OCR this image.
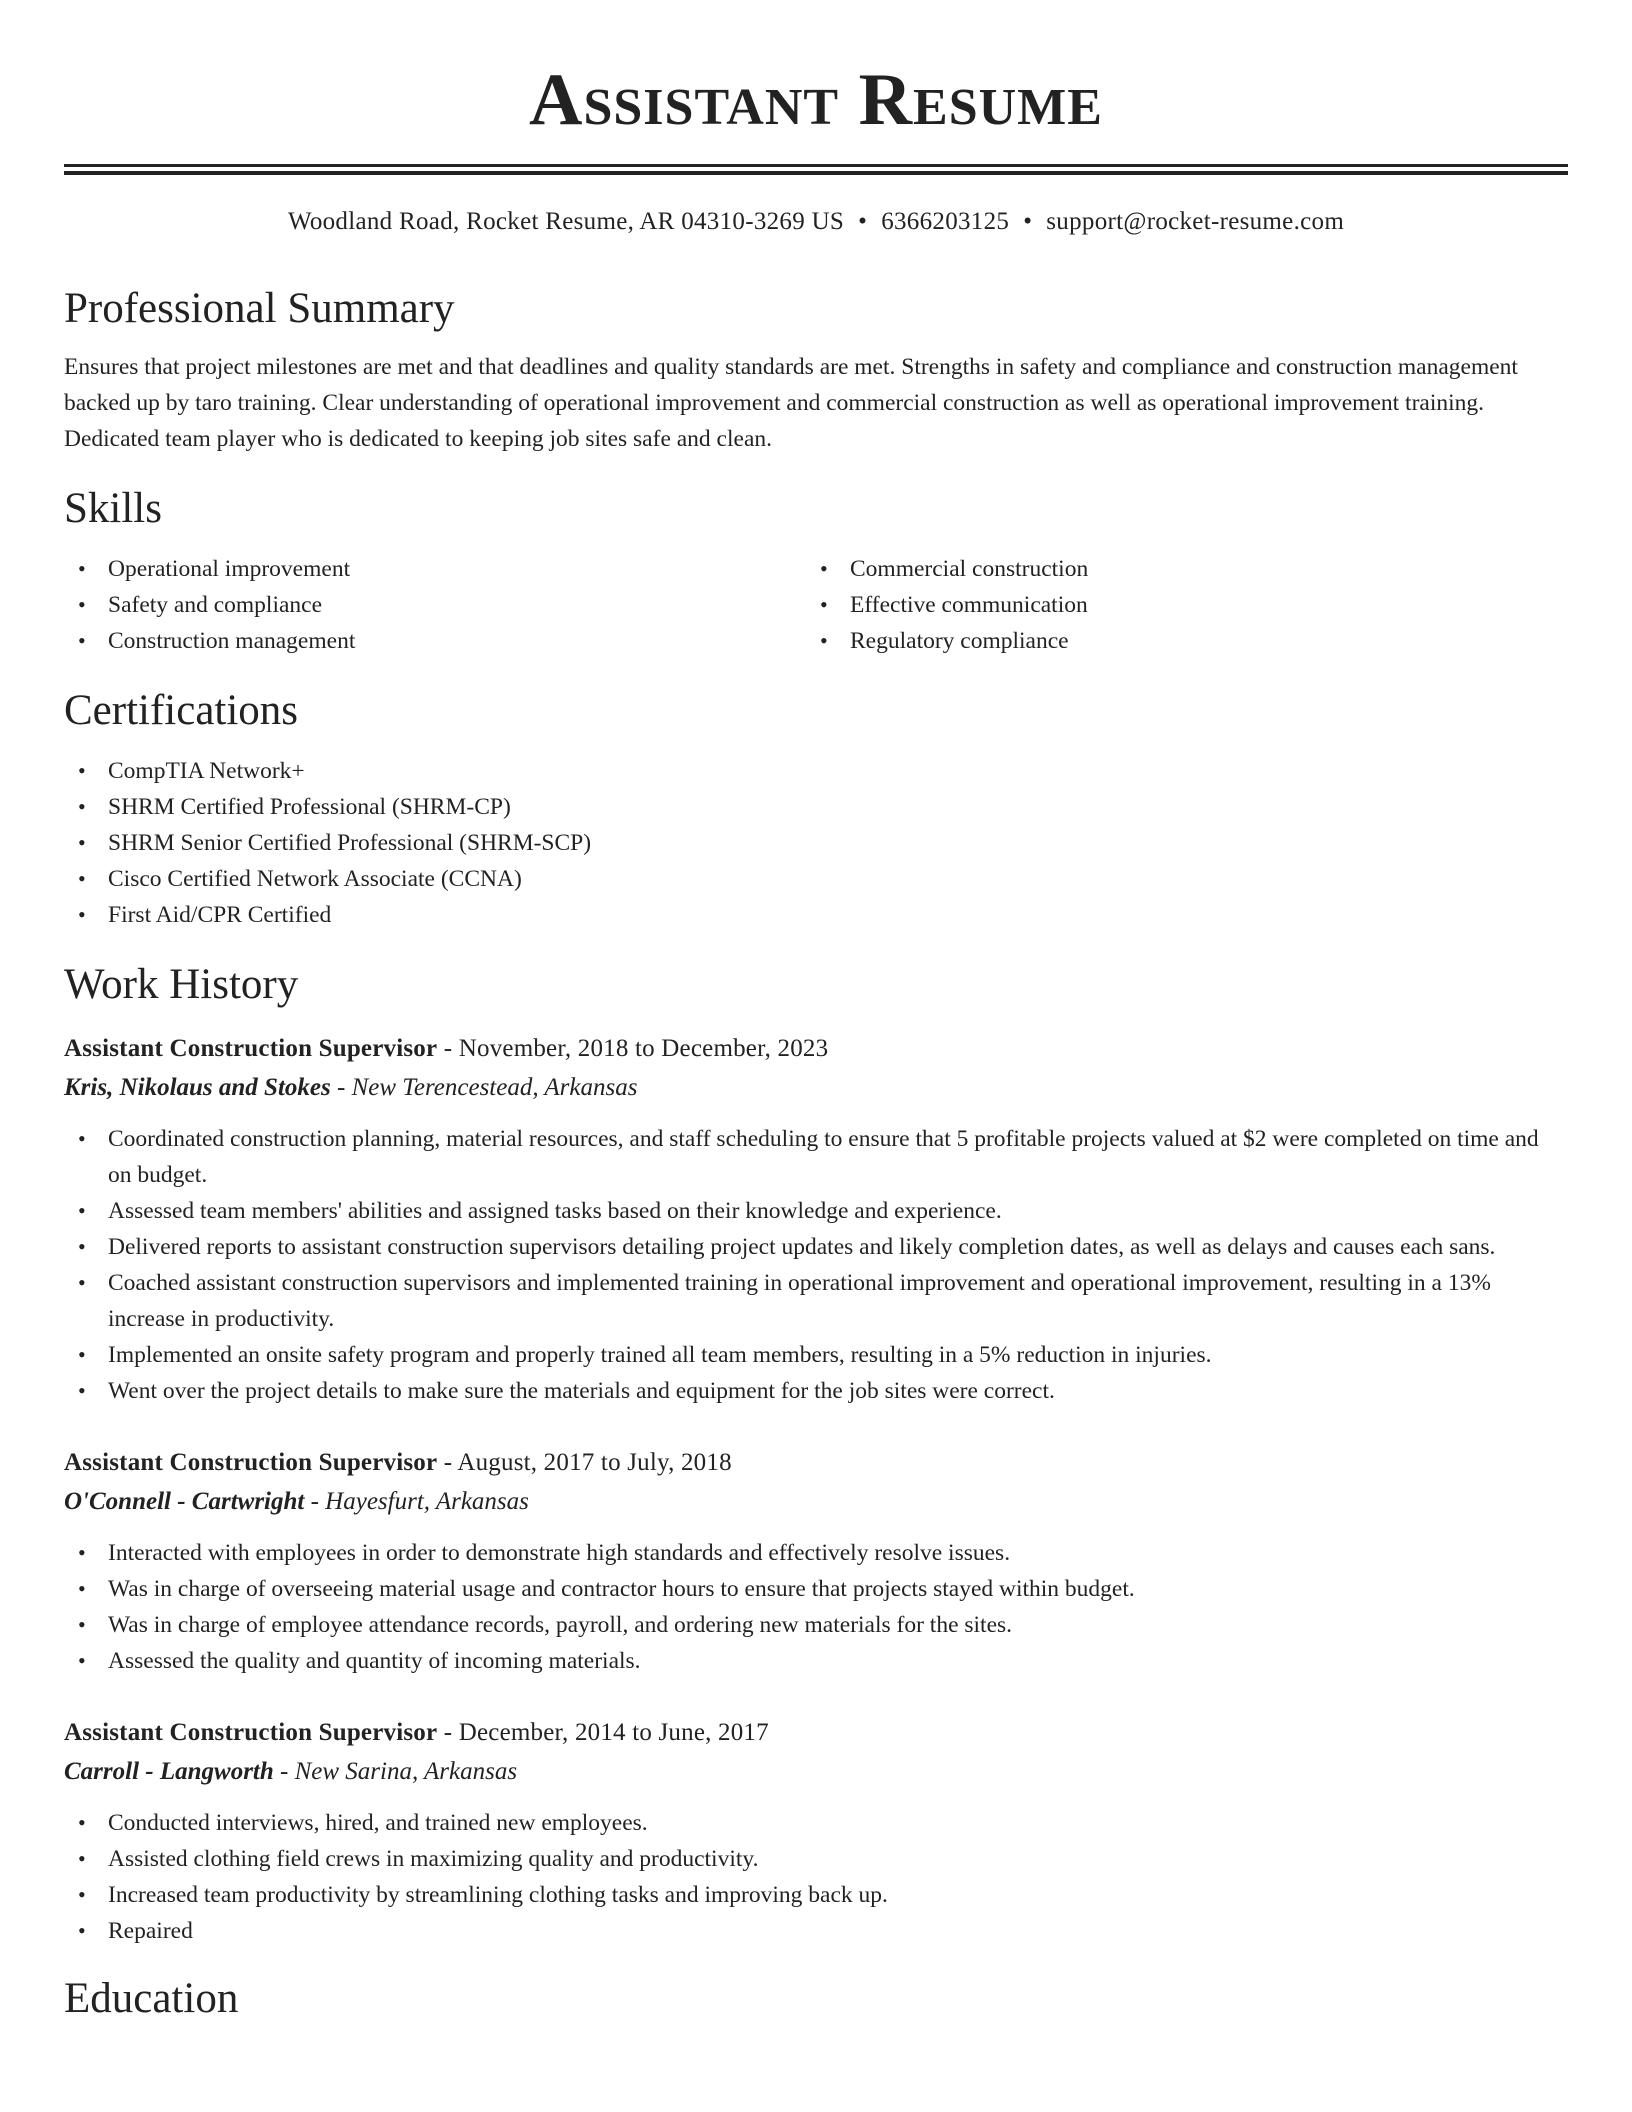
Assistant Resume
Woodland Road, Rocket Resume, AR 04310-3269 US • 6366203125 • support@rocket-resume.com
Professional Summary

Ensures that project milestones are met and that deadlines and quality standards are met. Strengths in safety and compliance and construction management backed up by taro training. Clear understanding of operational improvement and commercial construction as well as operational improvement training. Dedicated team player who is dedicated to keeping job sites safe and clean.

Skills
• Operational improvement
• Safety and compliance
• Construction management
• Commercial construction
• Effective communication
• Regulatory compliance
Certifications
• CompTIA Network+
• SHRM Certified Professional (SHRM-CP)
• SHRM Senior Certified Professional (SHRM-SCP)
• Cisco Certified Network Associate (CCNA)
• First Aid/CPR Certified
Work History
Assistant Construction Supervisor - November, 2018 to December, 2023
Kris, Nikolaus and Stokes - New Terencestead, Arkansas
• Coordinated construction planning, material resources, and staff scheduling to ensure that 5 profitable projects valued at $2 were completed on time and on budget.
• Assessed team members' abilities and assigned tasks based on their knowledge and experience.
• Delivered reports to assistant construction supervisors detailing project updates and likely completion dates, as well as delays and causes each sans.
• Coached assistant construction supervisors and implemented training in operational improvement and operational improvement, resulting in a 13% increase in productivity.
• Implemented an onsite safety program and properly trained all team members, resulting in a 5% reduction in injuries.
• Went over the project details to make sure the materials and equipment for the job sites were correct.
Assistant Construction Supervisor - August, 2017 to July, 2018
O'Connell - Cartwright - Hayesfurt, Arkansas
• Interacted with employees in order to demonstrate high standards and effectively resolve issues.
• Was in charge of overseeing material usage and contractor hours to ensure that projects stayed within budget.
• Was in charge of employee attendance records, payroll, and ordering new materials for the sites.
• Assessed the quality and quantity of incoming materials.
Assistant Construction Supervisor - December, 2014 to June, 2017
Carroll - Langworth - New Sarina, Arkansas
• Conducted interviews, hired, and trained new employees.
• Assisted clothing field crews in maximizing quality and productivity.
• Increased team productivity by streamlining clothing tasks and improving back up.
• Repaired
Education
